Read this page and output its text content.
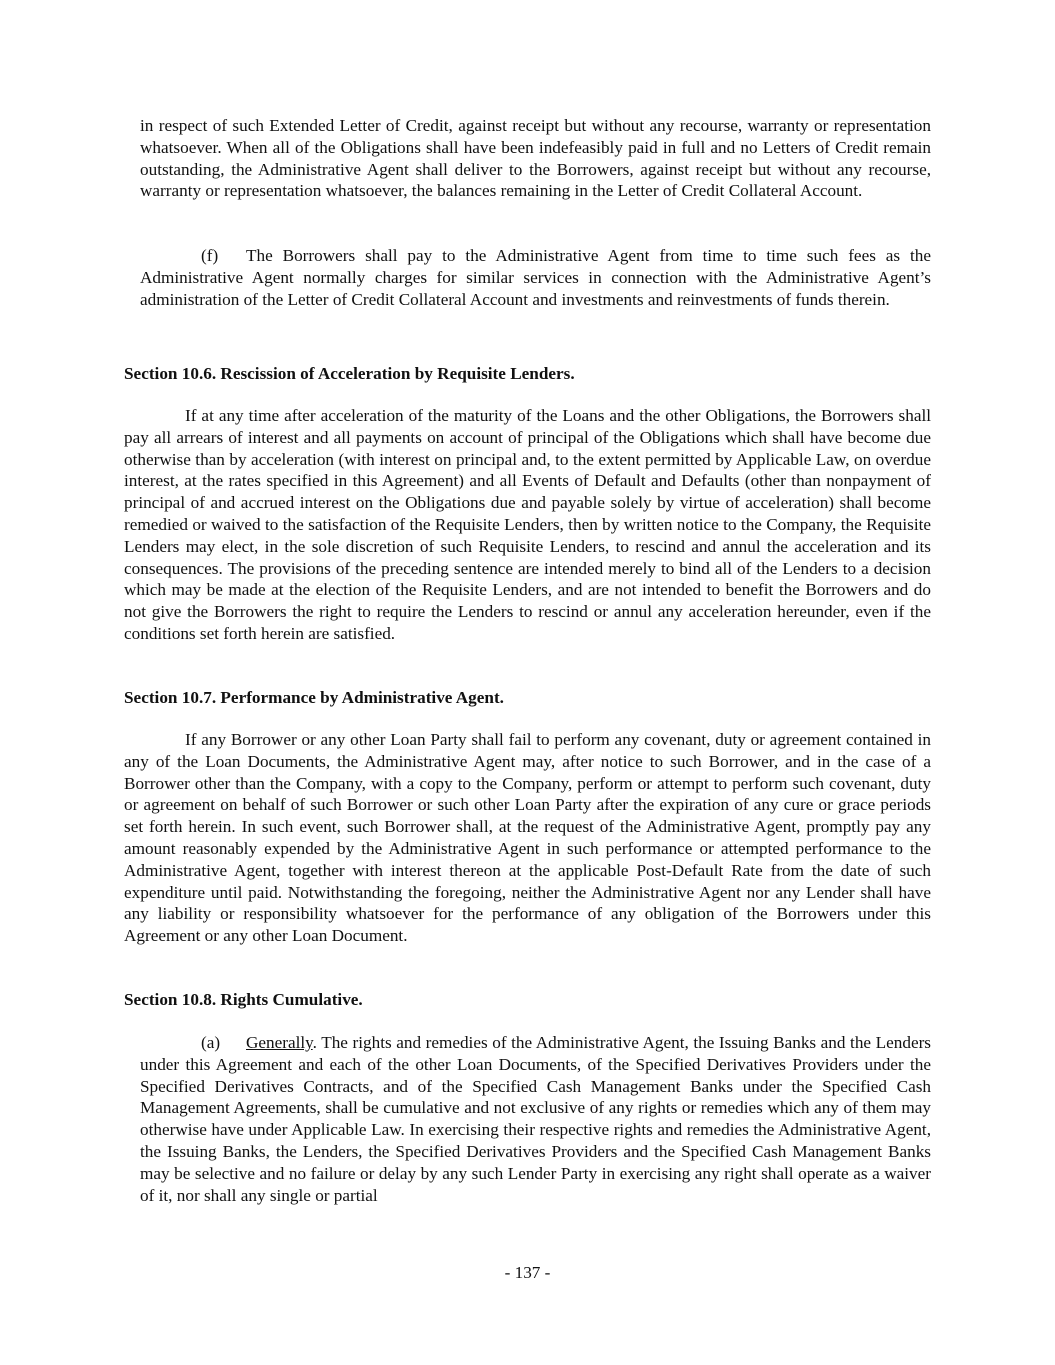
in respect of such Extended Letter of Credit, against receipt but without any recourse, warranty or representation whatsoever. When all of the Obligations shall have been indefeasibly paid in full and no Letters of Credit remain outstanding, the Administrative Agent shall deliver to the Borrowers, against receipt but without any recourse, warranty or representation whatsoever, the balances remaining in the Letter of Credit Collateral Account.

(f) The Borrowers shall pay to the Administrative Agent from time to time such fees as the Administrative Agent normally charges for similar services in connection with the Administrative Agent’s administration of the Letter of Credit Collateral Account and investments and reinvestments of funds therein.

Section 10.6. Rescission of Acceleration by Requisite Lenders.

If at any time after acceleration of the maturity of the Loans and the other Obligations, the Borrowers shall pay all arrears of interest and all payments on account of principal of the Obligations which shall have become due otherwise than by acceleration (with interest on principal and, to the extent permitted by Applicable Law, on overdue interest, at the rates specified in this Agreement) and all Events of Default and Defaults (other than nonpayment of principal of and accrued interest on the Obligations due and payable solely by virtue of acceleration) shall become remedied or waived to the satisfaction of the Requisite Lenders, then by written notice to the Company, the Requisite Lenders may elect, in the sole discretion of such Requisite Lenders, to rescind and annul the acceleration and its consequences. The provisions of the preceding sentence are intended merely to bind all of the Lenders to a decision which may be made at the election of the Requisite Lenders, and are not intended to benefit the Borrowers and do not give the Borrowers the right to require the Lenders to rescind or annul any acceleration hereunder, even if the conditions set forth herein are satisfied.

Section 10.7. Performance by Administrative Agent.

If any Borrower or any other Loan Party shall fail to perform any covenant, duty or agreement contained in any of the Loan Documents, the Administrative Agent may, after notice to such Borrower, and in the case of a Borrower other than the Company, with a copy to the Company, perform or attempt to perform such covenant, duty or agreement on behalf of such Borrower or such other Loan Party after the expiration of any cure or grace periods set forth herein. In such event, such Borrower shall, at the request of the Administrative Agent, promptly pay any amount reasonably expended by the Administrative Agent in such performance or attempted performance to the Administrative Agent, together with interest thereon at the applicable Post-Default Rate from the date of such expenditure until paid. Notwithstanding the foregoing, neither the Administrative Agent nor any Lender shall have any liability or responsibility whatsoever for the performance of any obligation of the Borrowers under this Agreement or any other Loan Document.

Section 10.8. Rights Cumulative.

(a) Generally. The rights and remedies of the Administrative Agent, the Issuing Banks and the Lenders under this Agreement and each of the other Loan Documents, of the Specified Derivatives Providers under the Specified Derivatives Contracts, and of the Specified Cash Management Banks under the Specified Cash Management Agreements, shall be cumulative and not exclusive of any rights or remedies which any of them may otherwise have under Applicable Law. In exercising their respective rights and remedies the Administrative Agent, the Issuing Banks, the Lenders, the Specified Derivatives Providers and the Specified Cash Management Banks may be selective and no failure or delay by any such Lender Party in exercising any right shall operate as a waiver of it, nor shall any single or partial

- 137 -
